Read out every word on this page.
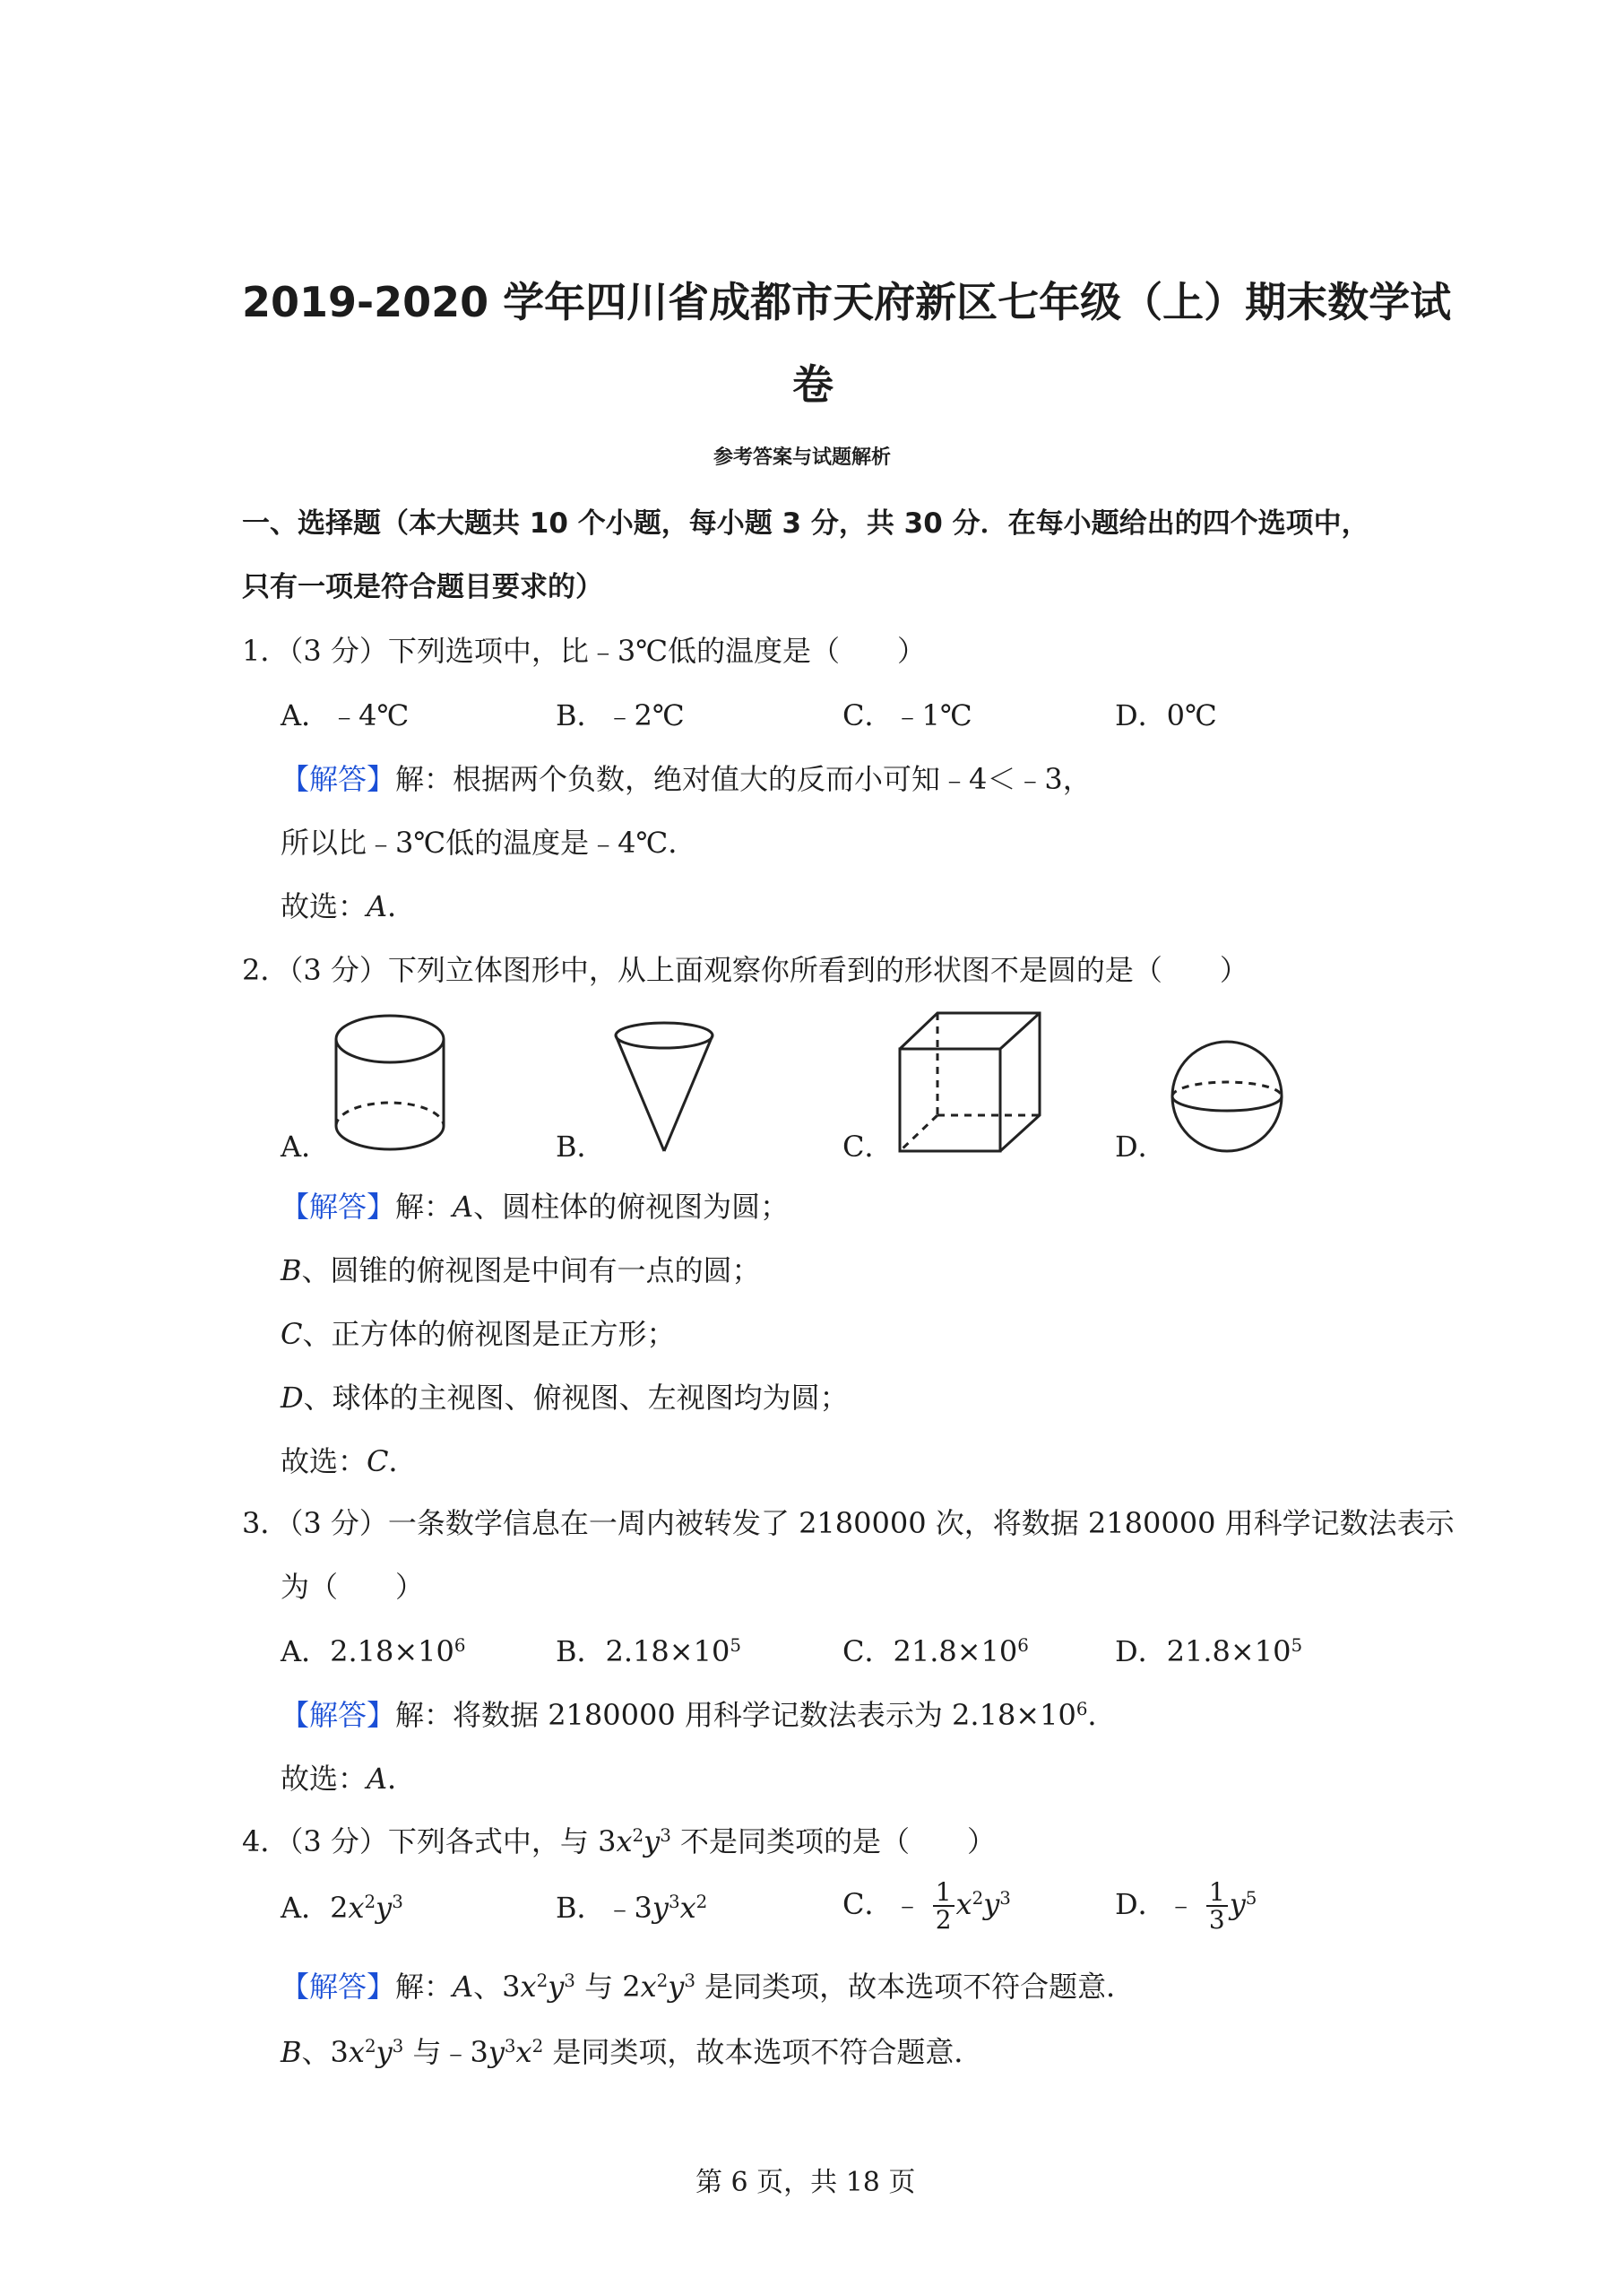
2019-2020 学年四川省成都市天府新区七年级（上）期末数学试
卷
参考答案与试题解析
一、选择题（本大题共 10 个小题，每小题 3 分，共 30 分．在每小题给出的四个选项中，
只有一项是符合题目要求的）
1．（3 分）下列选项中，比﹣3℃低的温度是（　　）
A．﹣4℃	B．﹣2℃	C．﹣1℃	D．0℃
【解答】解：根据两个负数，绝对值大的反而小可知﹣4＜﹣3，
所以比﹣3℃低的温度是﹣4℃．
故选：A．
2．（3 分）下列立体图形中，从上面观察你所看到的形状图不是圆的是（　　）
A．	B．	C．	D．
【解答】解：A、圆柱体的俯视图为圆；
B、圆锥的俯视图是中间有一点的圆；
C、正方体的俯视图是正方形；
D、球体的主视图、俯视图、左视图均为圆；
故选：C．
3．（3 分）一条数学信息在一周内被转发了 2180000 次，将数据 2180000 用科学记数法表示
为（　　）
A．$2.18\times 10^6$	B．$2.18\times 10^5$	C．$21.8\times 10^6$	D．$21.8\times 10^5$
【解答】解：将数据 2180000 用科学记数法表示为 $2.18\times 10^6$．
故选：A．
4．（3 分）下列各式中，与 $3x^2y^3$ 不是同类项的是（　　）
A．$2x^2y^3$	B．$﹣3y^3x^2$	C．﹣ $\frac{1}{2} x^2y^3$	D．﹣ $\frac{1}{3} y^5$
【解答】解：A、$3x^2y^3$ 与 $2x^2y^3$ 是同类项，故本选项不符合题意．
B、$3x^2y^3$ 与$﹣3y^3x^2$ 是同类项，故本选项不符合题意．
第 6 页，共 18 页
